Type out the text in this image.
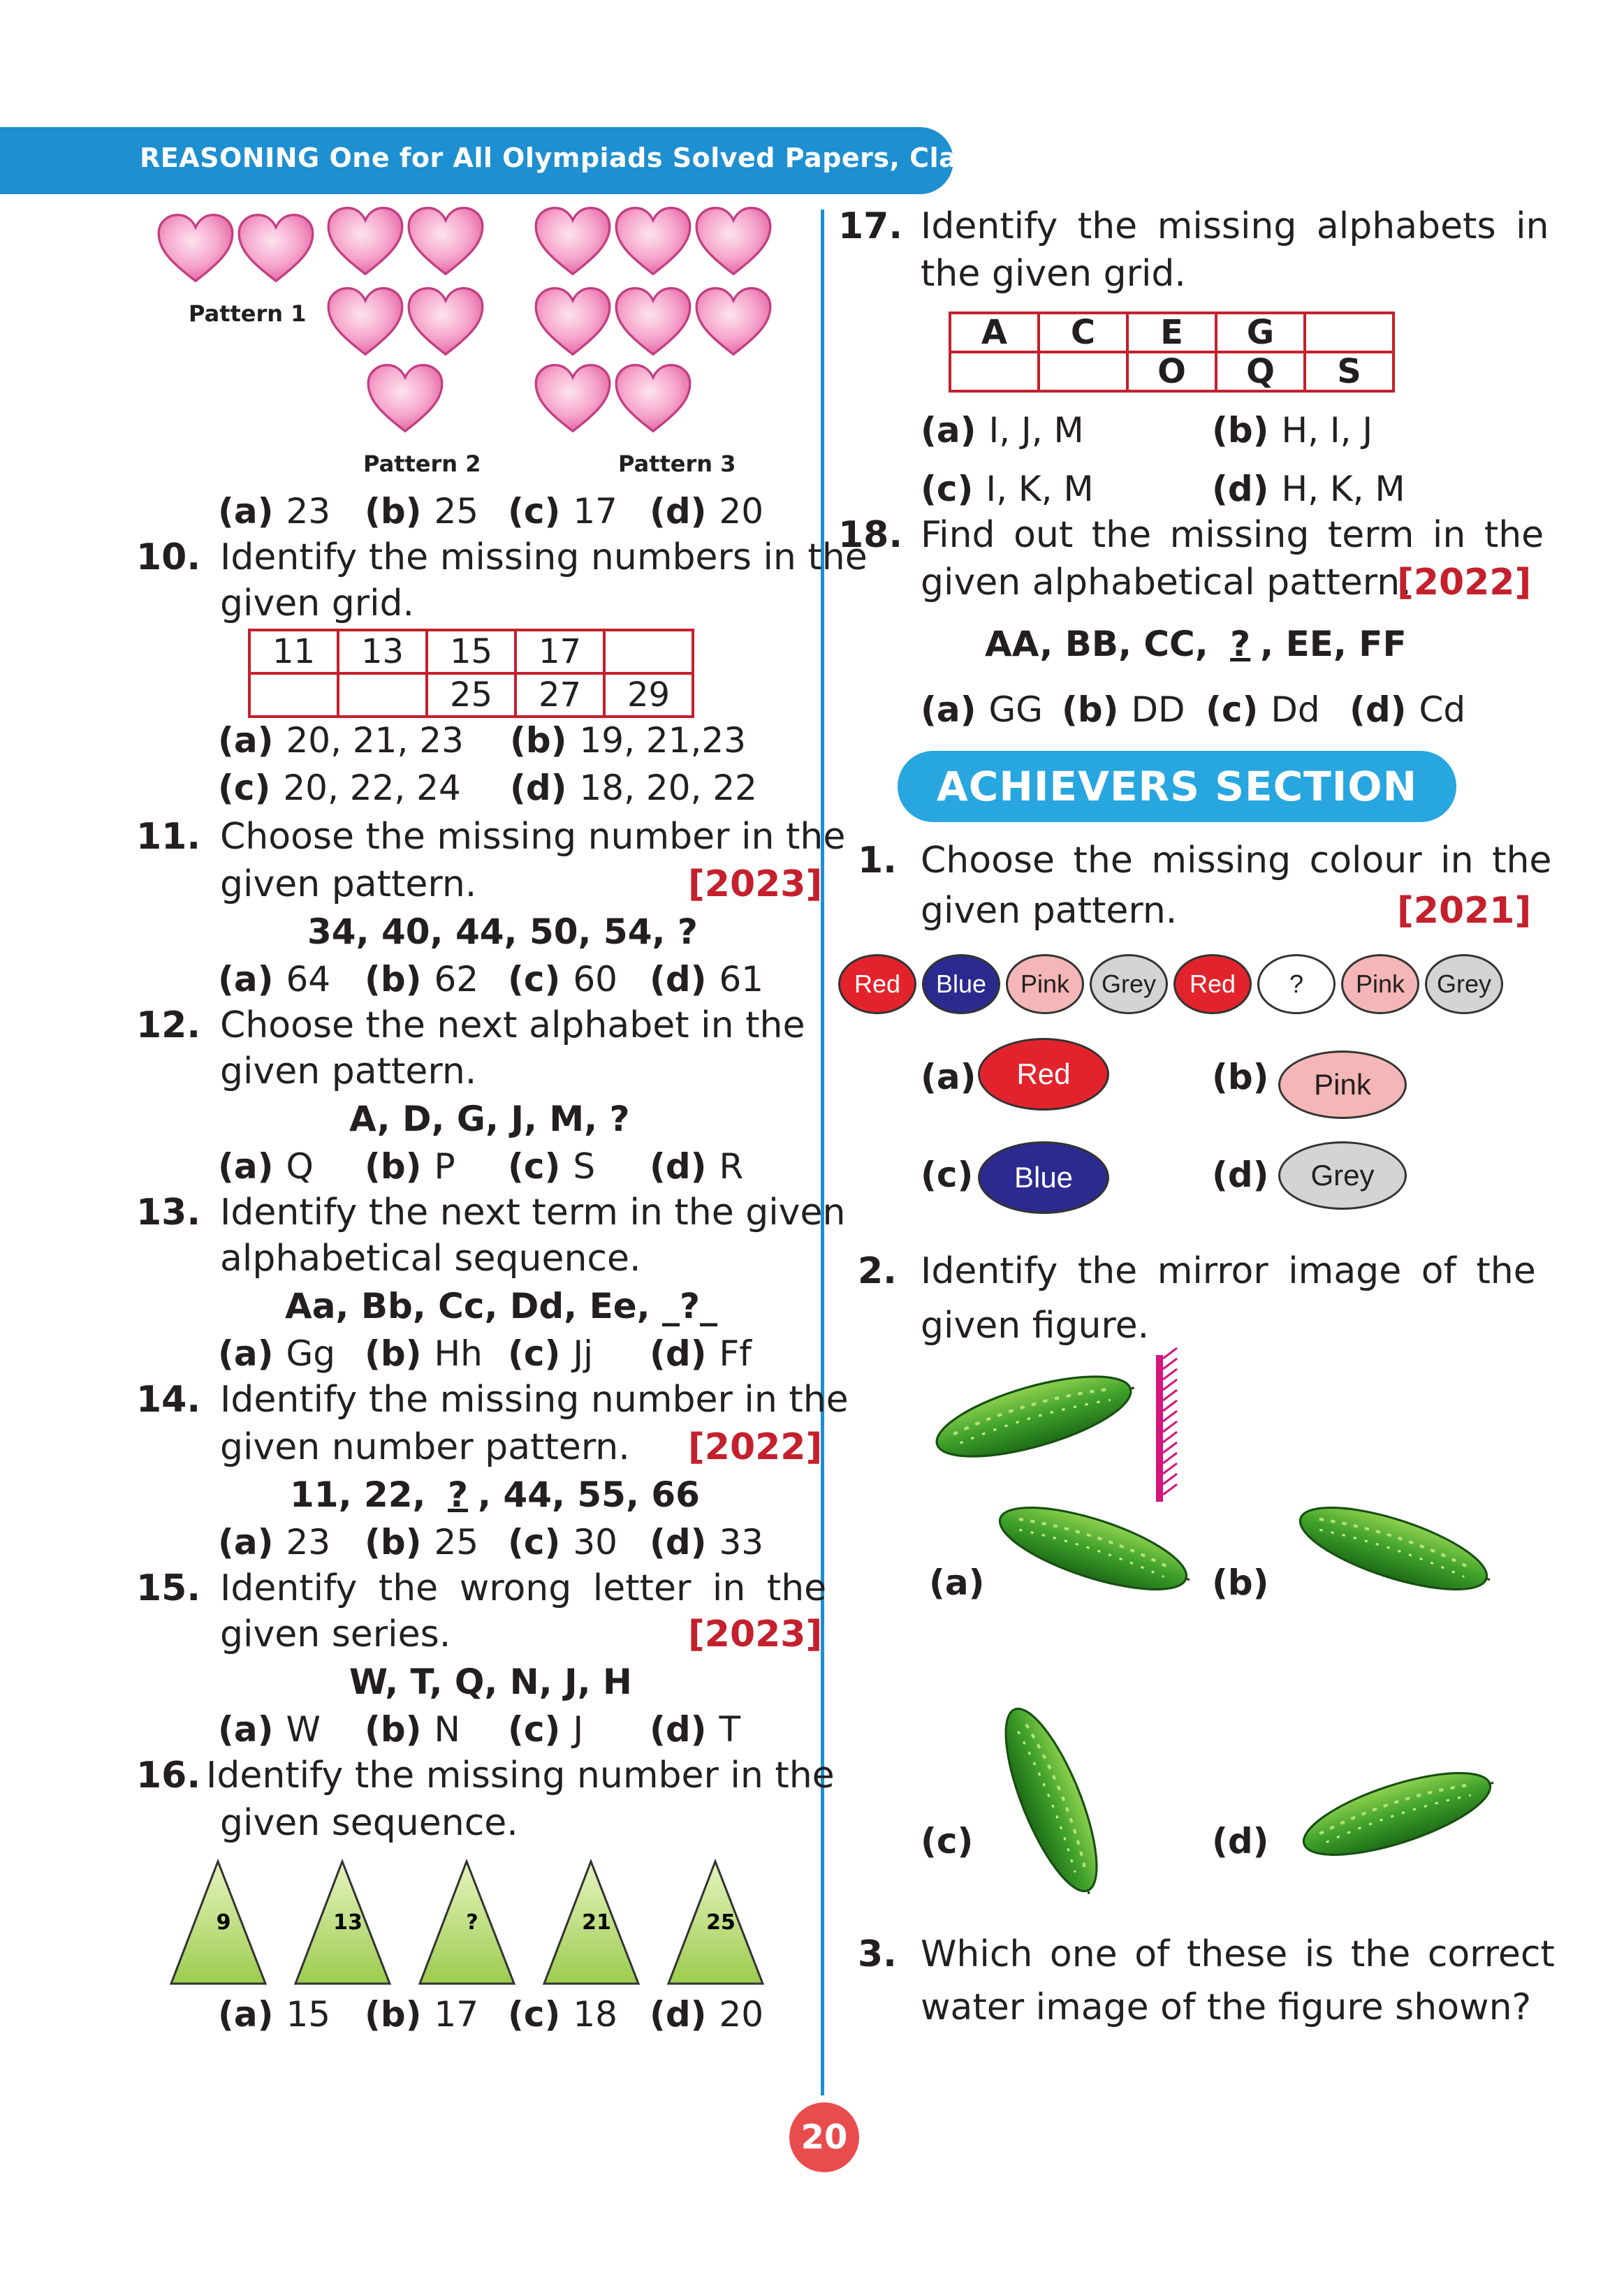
REASONING One for All Olympiads Solved Papers, Class-3
Pattern 1
Pattern 2	Pattern 3
(a) 23 (b) 25 (c) 17 (d) 20
10. Identify the missing numbers in the
given grid.
11	13	15	17	
		25	27	29
(a) 20, 21, 23 (b) 19, 21,23
(c) 20, 22, 24 (d) 18, 20, 22
11. Choose the missing number in the
given pattern.	[2023]
34, 40, 44, 50, 54, ?
(a) 64 (b) 62 (c) 60 (d) 61
12. Choose the next alphabet in the
given pattern.
A, D, G, J, M, ?
(a) Q (b) P (c) S (d) R
13. Identify the next term in the given
alphabetical sequence.
Aa, Bb, Cc, Dd, Ee, _?_
(a) Gg (b) Hh (c) Jj (d) Ff
14. Identify the missing number in the
given number pattern. [2022]
11, 22, ? , 44, 55, 66
(a) 23 (b) 25 (c) 30 (d) 33
15. Identify the wrong letter in the
given series.	[2023]
W, T, Q, N, J, H
(a) W (b) N (c) J (d) T
16. Identify the missing number in the
given sequence.
9	13	?	21	25
(a) 15 (b) 17 (c) 18 (d) 20
17. Identify the missing alphabets in
the given grid.
A	C	E	G	
		O	Q	S
(a) I, J, M	(b) H, I, J
(c) I, K, M	(d) H, K, M
18. Find out the missing term in the
given alphabetical pattern.
[2022]
AA, BB, CC, ? , EE, FF
(a) GG (b) DD (c) Dd (d) Cd
ACHIEVERS SECTION
1. Choose the missing colour in the
given pattern.	[2021]
Red	Blue	Pink	Grey	Red	?	Pink	Grey
(a)	Red	(b)	Pink
(c)	Blue	(d)	Grey
2. Identify the mirror image of the
given figure.
(a)	(b)
(c)	(d)
3. Which one of these is the correct
water image of the figure shown?
20
